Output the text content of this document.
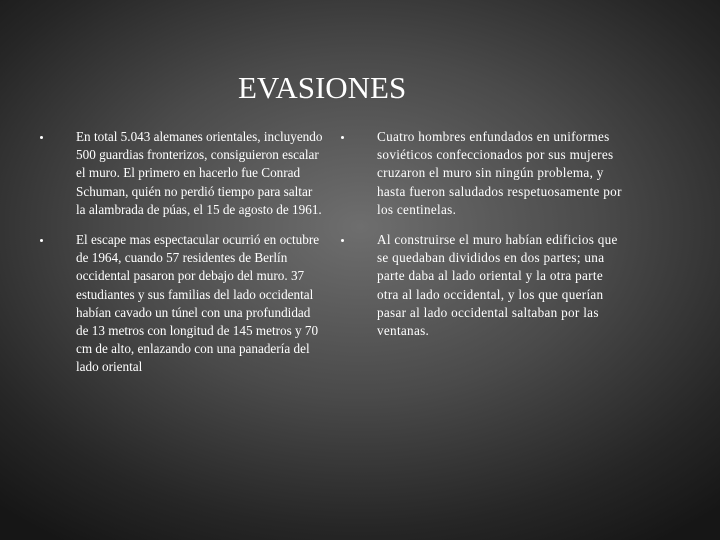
EVASIONES
En total 5.043 alemanes orientales, incluyendo 500 guardias fronterizos, consiguieron escalar el muro. El primero en hacerlo fue Conrad Schuman, quién no perdió tiempo para saltar la alambrada de púas, el 15 de agosto de 1961.
El escape mas espectacular ocurrió en octubre de 1964, cuando 57 residentes de Berlín occidental pasaron por debajo del muro. 37 estudiantes y sus familias del lado occidental habían cavado un túnel con una profundidad de 13 metros con longitud de 145 metros y 70 cm de alto, enlazando con una panadería del lado oriental
Cuatro hombres enfundados en uniformes soviéticos confeccionados por sus mujeres cruzaron el muro sin ningún problema, y hasta fueron saludados respetuosamente por los centinelas.
Al construirse el muro habían edificios que se quedaban divididos en dos partes; una parte daba al lado oriental y la otra parte otra al lado occidental, y los que querían pasar al lado occidental saltaban por las ventanas.
